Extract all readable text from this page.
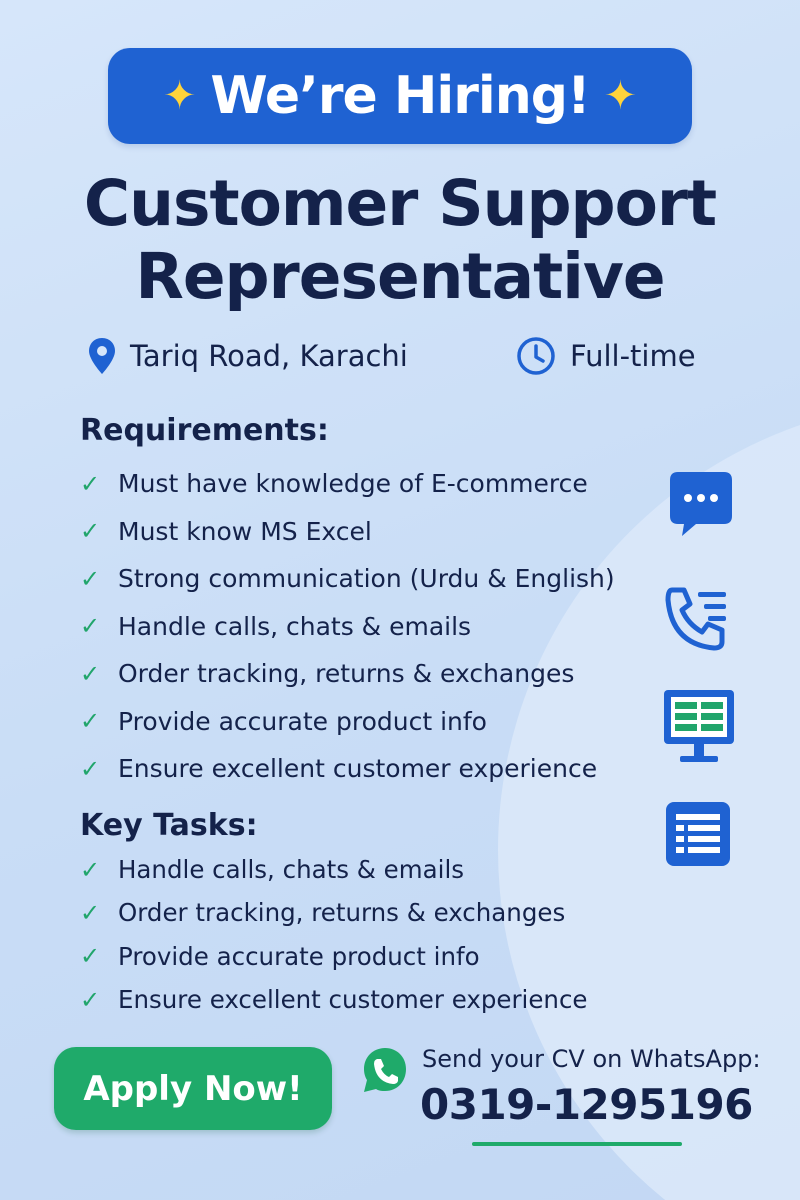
✦ We’re Hiring! ✦
Customer Support
Representative
Tariq Road, Karachi	Full-time
Requirements:
✓ Must have knowledge of E-commerce
✓ Must know MS Excel
✓ Strong communication (Urdu & English)
✓ Handle calls, chats & emails
✓ Order tracking, returns & exchanges
✓ Provide accurate product info
✓ Ensure excellent customer experience
Key Tasks:
✓ Handle calls, chats & emails
✓ Order tracking, returns & exchanges
✓ Provide accurate product info
✓ Ensure excellent customer experience
Apply Now!
Send your CV on WhatsApp:
0319-1295196
